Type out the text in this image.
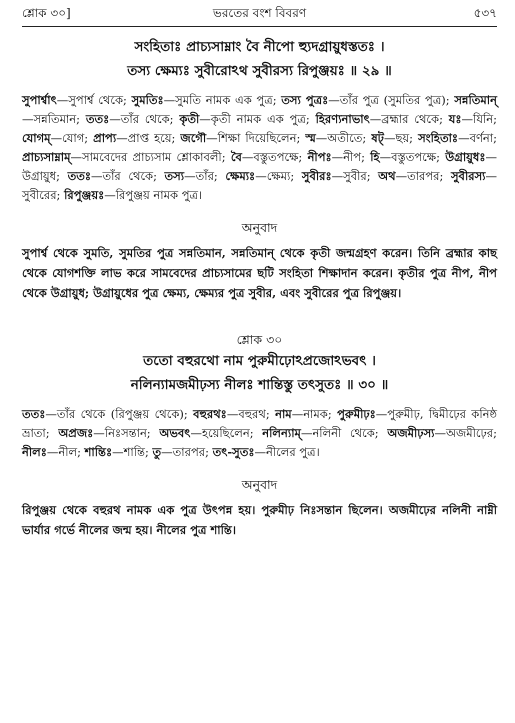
শ্লোক ৩০]	ভরতের বংশ বিবরণ	৫৩৭
সংহিতাঃ প্রাচ্যসাম্নাং বৈ নীপো হ্যুদগ্রায়ুধস্ততঃ ।
তস্য ক্ষেম্যঃ সুবীরোঽথ সুবীরস্য রিপুঞ্জয়ঃ ॥ ২৯ ॥

সুপার্শ্বাৎ—সুপার্শ্ব থেকে; সুমতিঃ—সুমতি নামক এক পুত্র; তস্য পুত্রঃ—তাঁর পুত্র (সুমতির পুত্র); সন্নতিমান্—সন্নতিমান; ততঃ—তাঁর থেকে; কৃতী—কৃতী নামক এক পুত্র; হিরণ্যনাভাৎ—ব্রহ্মার থেকে; যঃ—যিনি; যোগম্—যোগ; প্রাপ্য—প্রাপ্ত হয়ে; জগৌ—শিক্ষা দিয়েছিলেন; স্ম—অতীতে; ষট্—ছয়; সংহিতাঃ—বর্ণনা; প্রাচ্যসাম্নাম্—সামবেদের প্রাচ্যসাম শ্লোকাবলী; বৈ—বস্তুতপক্ষে; নীপঃ—নীপ; হি—বস্তুতপক্ষে; উগ্রায়ুধঃ—উগ্রায়ুধ; ততঃ—তাঁর থেকে; তস্য—তাঁর; ক্ষেম্যঃ—ক্ষেম্য; সুবীরঃ—সুবীর; অথ—তারপর; সুবীরস্য—সুবীরের; রিপুঞ্জয়ঃ—রিপুঞ্জয় নামক পুত্র।

অনুবাদ

সুপার্শ্ব থেকে সুমতি, সুমতির পুত্র সন্নতিমান, সন্নতিমান্ থেকে কৃতী জন্মগ্রহণ করেন। তিনি ব্রহ্মার কাছ থেকে যোগশক্তি লাভ করে সামবেদের প্রাচ্যসামের ছটি সংহিতা শিক্ষাদান করেন। কৃতীর পুত্র নীপ, নীপ থেকে উগ্রায়ুধ; উগ্রায়ুধের পুত্র ক্ষেম্য, ক্ষেম্যর পুত্র সুবীর, এবং সুবীরের পুত্র রিপুঞ্জয়।

শ্লোক ৩০
ততো বহুরথো নাম পুরুমীঢ়োঽপ্রজোঽভবৎ ।
নলিন্যামজমীঢ়স্য নীলঃ শান্তিস্তু তৎসুতঃ ॥ ৩০ ॥

ততঃ—তাঁর থেকে (রিপুঞ্জয় থেকে); বহুরথঃ—বহুরথ; নাম—নামক; পুরুমীঢ়ঃ—পুরুমীঢ়, দ্বিমীঢ়ের কনিষ্ঠ ভ্রাতা; অপ্রজঃ—নিঃসন্তান; অভবৎ—হয়েছিলেন; নলিন্যাম্—নলিনী থেকে; অজমীঢ়স্য—অজমীঢ়ের; নীলঃ—নীল; শান্তিঃ—শান্তি; তু—তারপর; তৎ-সুতঃ—নীলের পুত্র।

অনুবাদ

রিপুঞ্জয় থেকে বহুরথ নামক এক পুত্র উৎপন্ন হয়। পুরুমীঢ় নিঃসন্তান ছিলেন। অজমীঢ়ের নলিনী নাম্নী ভার্যার গর্ভে নীলের জন্ম হয়। নীলের পুত্র শান্তি।
